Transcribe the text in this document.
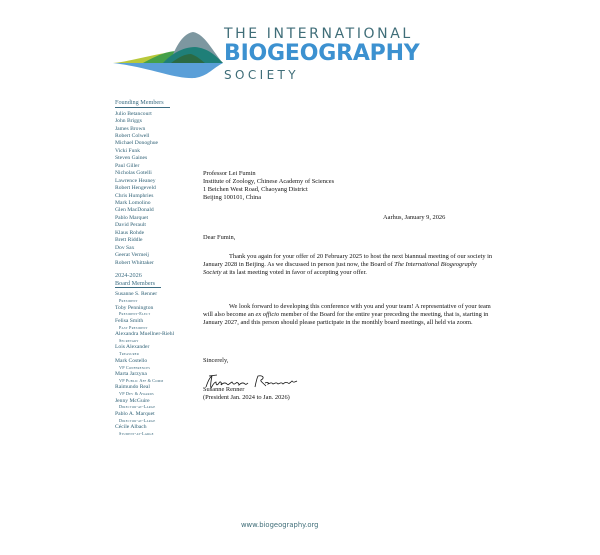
THE INTERNATIONAL
BIOGEOGRAPHY
SOCIETY
Founding Members
Julio Betancourt
John Briggs
James Brown
Robert Colwell
Michael Donoghue
Vicki Funk
Steven Gaines
Paul Giller
Nicholas Gotelli
Lawrence Heaney
Robert Hengeveld
Chris Humphries
Mark Lomolino
Glen MacDonald
Pablo Marquet
David Perault
Klaus Rohde
Brett Riddle
Dov Sax
Geerat Vermeij
Robert Whittaker
2024-2026
Board Members
Susanne S. Renner
President
Toby Pennington
President-Elect
Felisa Smith
Past President
Alexandra Muellner-Riehl
Secretary
Lois Alexander
Treasurer
Mark Costello
VP Conferences
Marta Jarzyna
VP Public Aff & Comm
Raimundo Real
VP Dev & Awards
Jenny McGuire
Director-at-Large
Pablo A. Marquet
Director-at-Large
Cécile Albach
Student-at-Large
Professor Lei Fumin
Institute of Zoology, Chinese Academy of Sciences
1 Beichen West Road, Chaoyang District
Beijing 100101, China
Aarhus, January 9, 2026
Dear Fumin,
Thank you again for your offer of 20 February 2025 to host the next biannual meeting of our society in January 2028 in Beijing. As we discussed in person just now, the Board of The International Biogeography Society at its last meeting voted in favor of accepting your offer.
We look forward to developing this conference with you and your team! A representative of your team will also become an ex officio member of the Board for the entire year preceding the meeting, that is, starting in January 2027, and this person should please participate in the monthly board meetings, all held via zoom.
Sincerely,
Susanne Renner
(President Jan. 2024 to Jan. 2026)
www.biogeography.org
